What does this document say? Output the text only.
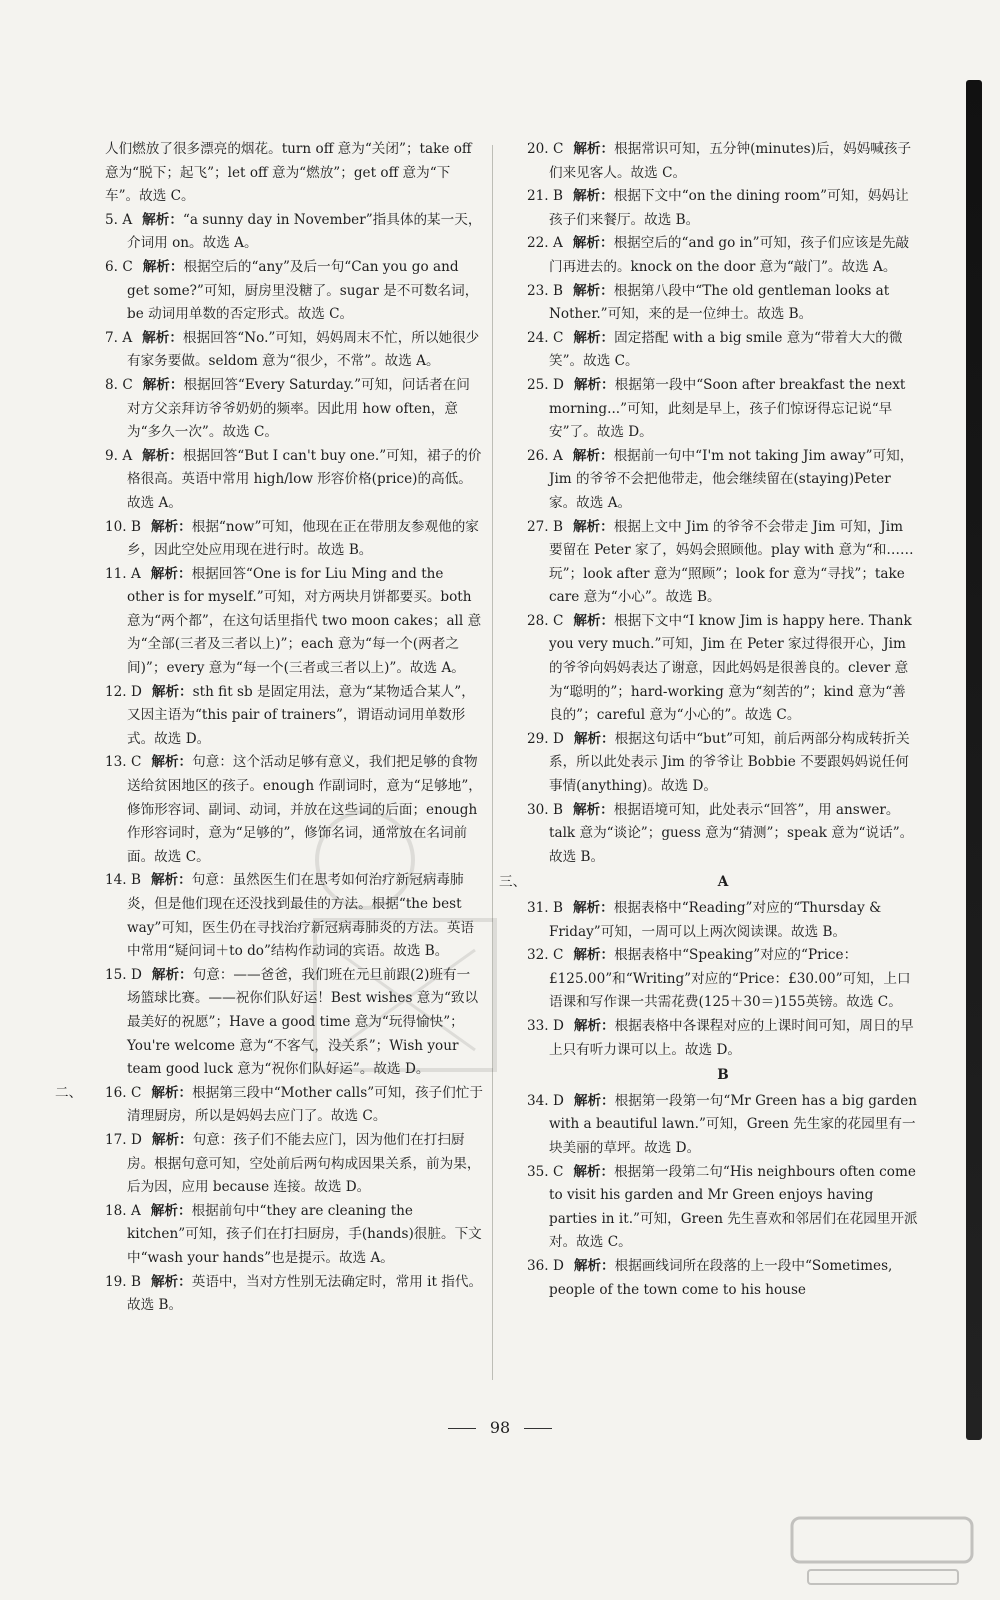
人们燃放了很多漂亮的烟花。turn off 意为“关闭”；take off 意为“脱下；起飞”；let off 意为“燃放”；get off 意为“下车”。故选 C。

5. A 解析：“a sunny day in November”指具体的某一天，介词用 on。故选 A。

6. C 解析：根据空后的“any”及后一句“Can you go and get some?”可知，厨房里没糖了。sugar 是不可数名词，be 动词用单数的否定形式。故选 C。

7. A 解析：根据回答“No.”可知，妈妈周末不忙，所以她很少有家务要做。seldom 意为“很少，不常”。故选 A。

8. C 解析：根据回答“Every Saturday.”可知，问话者在问对方父亲拜访爷爷奶奶的频率。因此用 how often，意为“多久一次”。故选 C。

9. A 解析：根据回答“But I can't buy one.”可知，裙子的价格很高。英语中常用 high/low 形容价格(price)的高低。故选 A。

10. B 解析：根据“now”可知，他现在正在带朋友参观他的家乡，因此空处应用现在进行时。故选 B。

11. A 解析：根据回答“One is for Liu Ming and the other is for myself.”可知，对方两块月饼都要买。both 意为“两个都”，在这句话里指代 two moon cakes；all 意为“全部(三者及三者以上)”；each 意为“每一个(两者之间)”；every 意为“每一个(三者或三者以上)”。故选 A。

12. D 解析：sth fit sb 是固定用法，意为“某物适合某人”，又因主语为“this pair of trainers”，谓语动词用单数形式。故选 D。

13. C 解析：句意：这个活动足够有意义，我们把足够的食物送给贫困地区的孩子。enough 作副词时，意为“足够地”，修饰形容词、副词、动词，并放在这些词的后面；enough 作形容词时，意为“足够的”，修饰名词，通常放在名词前面。故选 C。

14. B 解析：句意：虽然医生们在思考如何治疗新冠病毒肺炎，但是他们现在还没找到最佳的方法。根据“the best way”可知，医生仍在寻找治疗新冠病毒肺炎的方法。英语中常用“疑问词＋to do”结构作动词的宾语。故选 B。

15. D 解析：句意：——爸爸，我们班在元旦前跟(2)班有一场篮球比赛。——祝你们队好运！Best wishes 意为“致以最美好的祝愿”；Have a good time 意为“玩得愉快”；You're welcome 意为“不客气，没关系”；Wish your team good luck 意为“祝你们队好运”。故选 D。

二、 16. C 解析：根据第三段中“Mother calls”可知，孩子们忙于清理厨房，所以是妈妈去应门了。故选 C。

17. D 解析：句意：孩子们不能去应门，因为他们在打扫厨房。根据句意可知，空处前后两句构成因果关系，前为果，后为因，应用 because 连接。故选 D。

18. A 解析：根据前句中“they are cleaning the kitchen”可知，孩子们在打扫厨房，手(hands)很脏。下文中“wash your hands”也是提示。故选 A。

19. B 解析：英语中，当对方性别无法确定时，常用 it 指代。故选 B。

20. C 解析：根据常识可知，五分钟(minutes)后，妈妈喊孩子们来见客人。故选 C。

21. B 解析：根据下文中“on the dining room”可知，妈妈让孩子们来餐厅。故选 B。

22. A 解析：根据空后的“and go in”可知，孩子们应该是先敲门再进去的。knock on the door 意为“敲门”。故选 A。

23. B 解析：根据第八段中“The old gentleman looks at Nother.”可知，来的是一位绅士。故选 B。

24. C 解析：固定搭配 with a big smile 意为“带着大大的微笑”。故选 C。

25. D 解析：根据第一段中“Soon after breakfast the next morning...”可知，此刻是早上，孩子们惊讶得忘记说“早安”了。故选 D。

26. A 解析：根据前一句中“I'm not taking Jim away”可知，Jim 的爷爷不会把他带走，他会继续留在(staying)Peter 家。故选 A。

27. B 解析：根据上文中 Jim 的爷爷不会带走 Jim 可知，Jim 要留在 Peter 家了，妈妈会照顾他。play with 意为“和……玩”；look after 意为“照顾”；look for 意为“寻找”；take care 意为“小心”。故选 B。

28. C 解析：根据下文中“I know Jim is happy here. Thank you very much.”可知，Jim 在 Peter 家过得很开心，Jim 的爷爷向妈妈表达了谢意，因此妈妈是很善良的。clever 意为“聪明的”；hard-working 意为“刻苦的”；kind 意为“善良的”；careful 意为“小心的”。故选 C。

29. D 解析：根据这句话中“but”可知，前后两部分构成转折关系，所以此处表示 Jim 的爷爷让 Bobbie 不要跟妈妈说任何事情(anything)。故选 D。

30. B 解析：根据语境可知，此处表示“回答”，用 answer。talk 意为“谈论”；guess 意为“猜测”；speak 意为“说话”。故选 B。

三、	A

31. B 解析：根据表格中“Reading”对应的“Thursday & Friday”可知，一周可以上两次阅读课。故选 B。

32. C 解析：根据表格中“Speaking”对应的“Price：£125.00”和“Writing”对应的“Price：£30.00”可知，上口语课和写作课一共需花费(125＋30＝)155英镑。故选 C。

33. D 解析：根据表格中各课程对应的上课时间可知，周日的早上只有听力课可以上。故选 D。

B

34. D 解析：根据第一段第一句“Mr Green has a big garden with a beautiful lawn.”可知，Green 先生家的花园里有一块美丽的草坪。故选 D。

35. C 解析：根据第一段第二句“His neighbours often come to visit his garden and Mr Green enjoys having parties in it.”可知，Green 先生喜欢和邻居们在花园里开派对。故选 C。

36. D 解析：根据画线词所在段落的上一段中“Sometimes, people of the town come to his house

98
